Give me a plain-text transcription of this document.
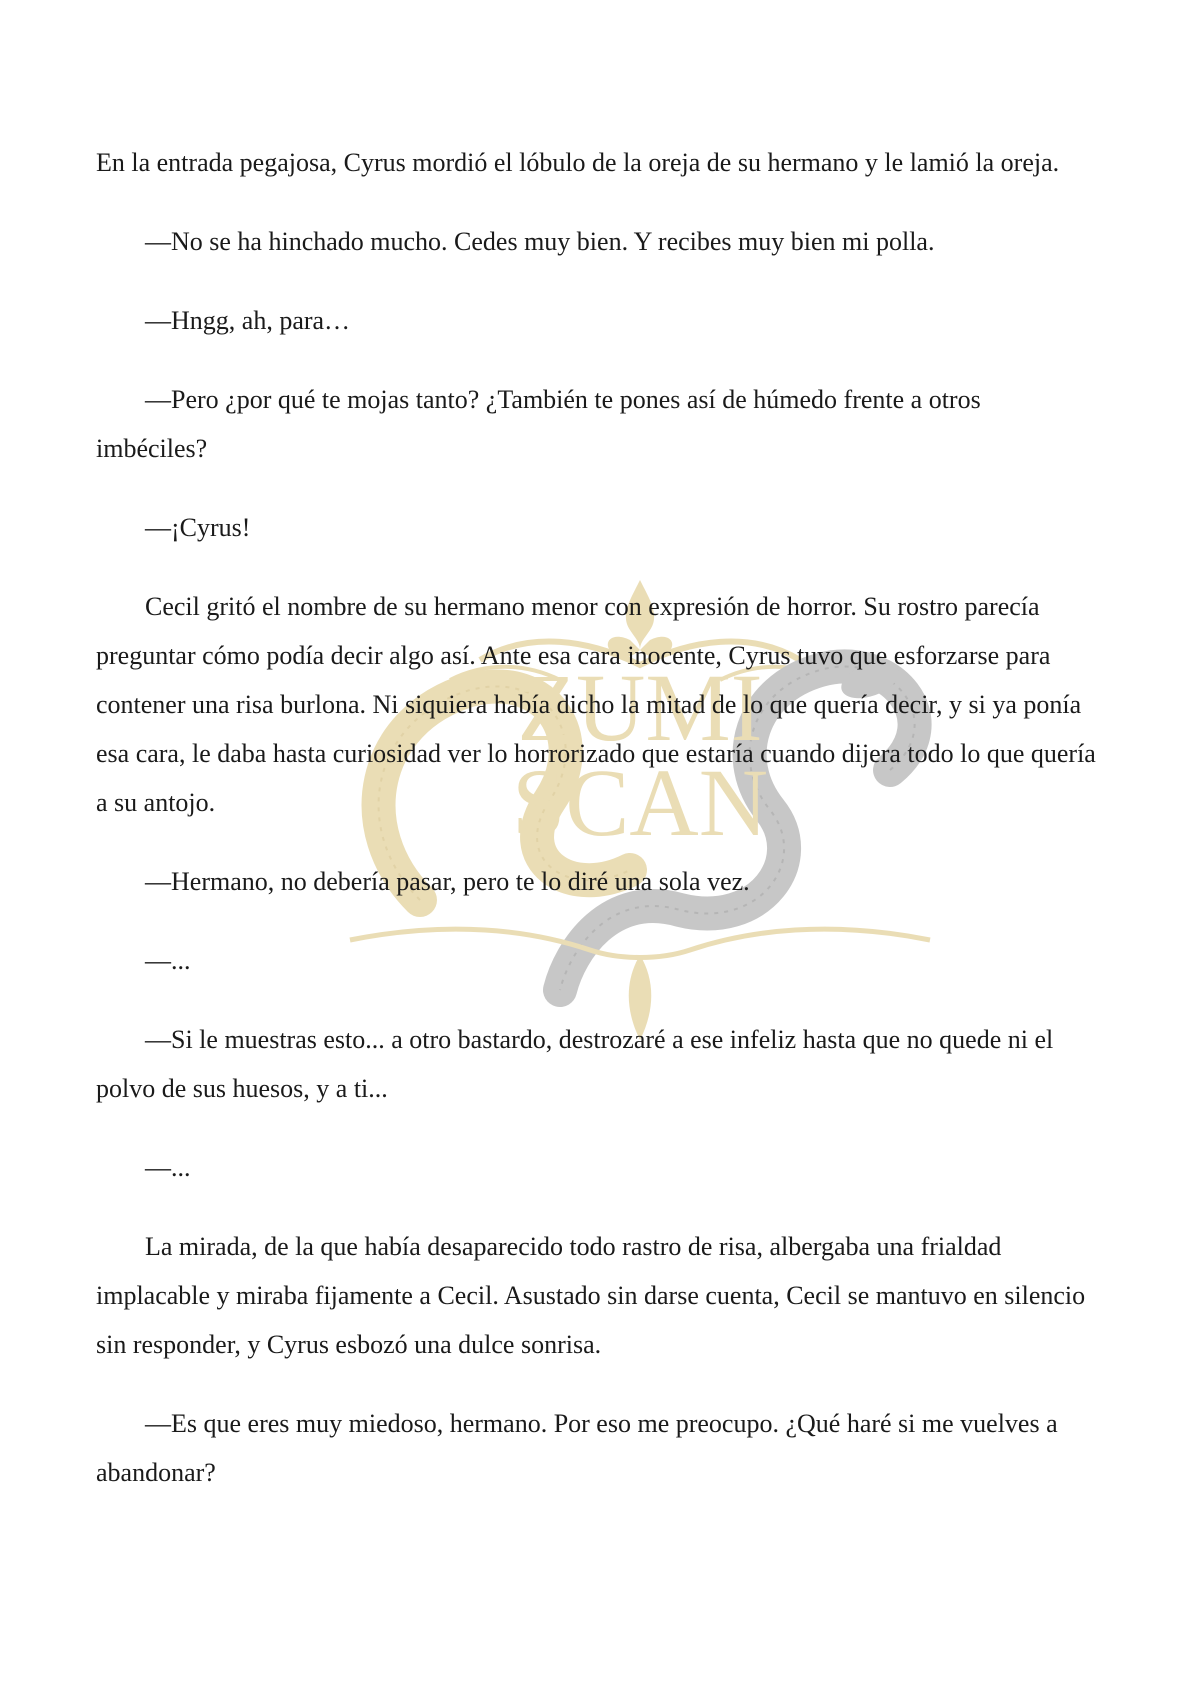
ZUMI
SCAN

En la entrada pegajosa, Cyrus mordió el lóbulo de la oreja de su hermano y le lamió la oreja.

—No se ha hinchado mucho. Cedes muy bien. Y recibes muy bien mi polla.

—Hngg, ah, para…

—Pero ¿por qué te mojas tanto? ¿También te pones así de húmedo frente a otros imbéciles?

—¡Cyrus!

Cecil gritó el nombre de su hermano menor con expresión de horror. Su rostro parecía preguntar cómo podía decir algo así. Ante esa cara inocente, Cyrus tuvo que esforzarse para contener una risa burlona. Ni siquiera había dicho la mitad de lo que quería decir, y si ya ponía esa cara, le daba hasta curiosidad ver lo horrorizado que estaría cuando dijera todo lo que quería a su antojo.

—Hermano, no debería pasar, pero te lo diré una sola vez.

—...

—Si le muestras esto... a otro bastardo, destrozaré a ese infeliz hasta que no quede ni el polvo de sus huesos, y a ti...

—...

La mirada, de la que había desaparecido todo rastro de risa, albergaba una frialdad implacable y miraba fijamente a Cecil. Asustado sin darse cuenta, Cecil se mantuvo en silencio sin responder, y Cyrus esbozó una dulce sonrisa.

—Es que eres muy miedoso, hermano. Por eso me preocupo. ¿Qué haré si me vuelves a abandonar?
